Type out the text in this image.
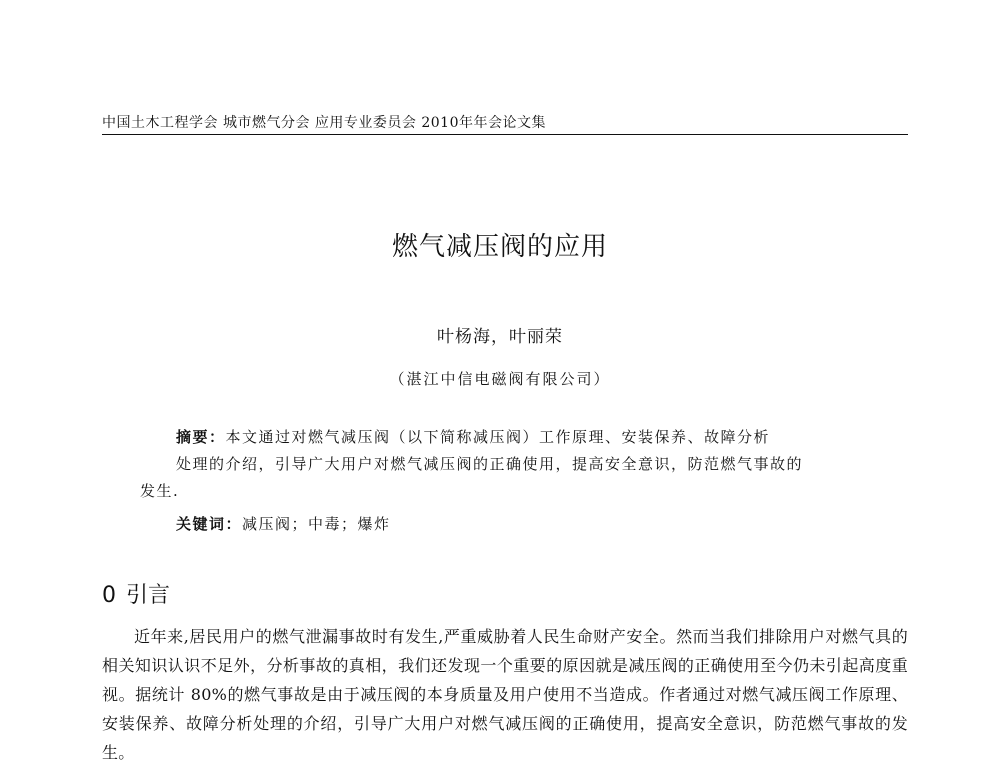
中国土木工程学会 城市燃气分会 应用专业委员会 2010年年会论文集
燃气减压阀的应用
叶杨海，叶丽荣
（湛江中信电磁阀有限公司）
摘要：本文通过对燃气减压阀（以下简称减压阀）工作原理、安装保养、故障分析
处理的介绍，引导广大用户对燃气减压阀的正确使用，提高安全意识，防范燃气事故的
发生.
关键词：减压阀；中毒；爆炸
0 引言

近年来,居民用户的燃气泄漏事故时有发生,严重威胁着人民生命财产安全。然而当我们排除用户对燃气具的相关知识认识不足外，分析事故的真相，我们还发现一个重要的原因就是减压阀的正确使用至今仍未引起高度重视。据统计 80%的燃气事故是由于减压阀的本身质量及用户使用不当造成。作者通过对燃气减压阀工作原理、安装保养、故障分析处理的介绍，引导广大用户对燃气减压阀的正确使用，提高安全意识，防范燃气事故的发生。
